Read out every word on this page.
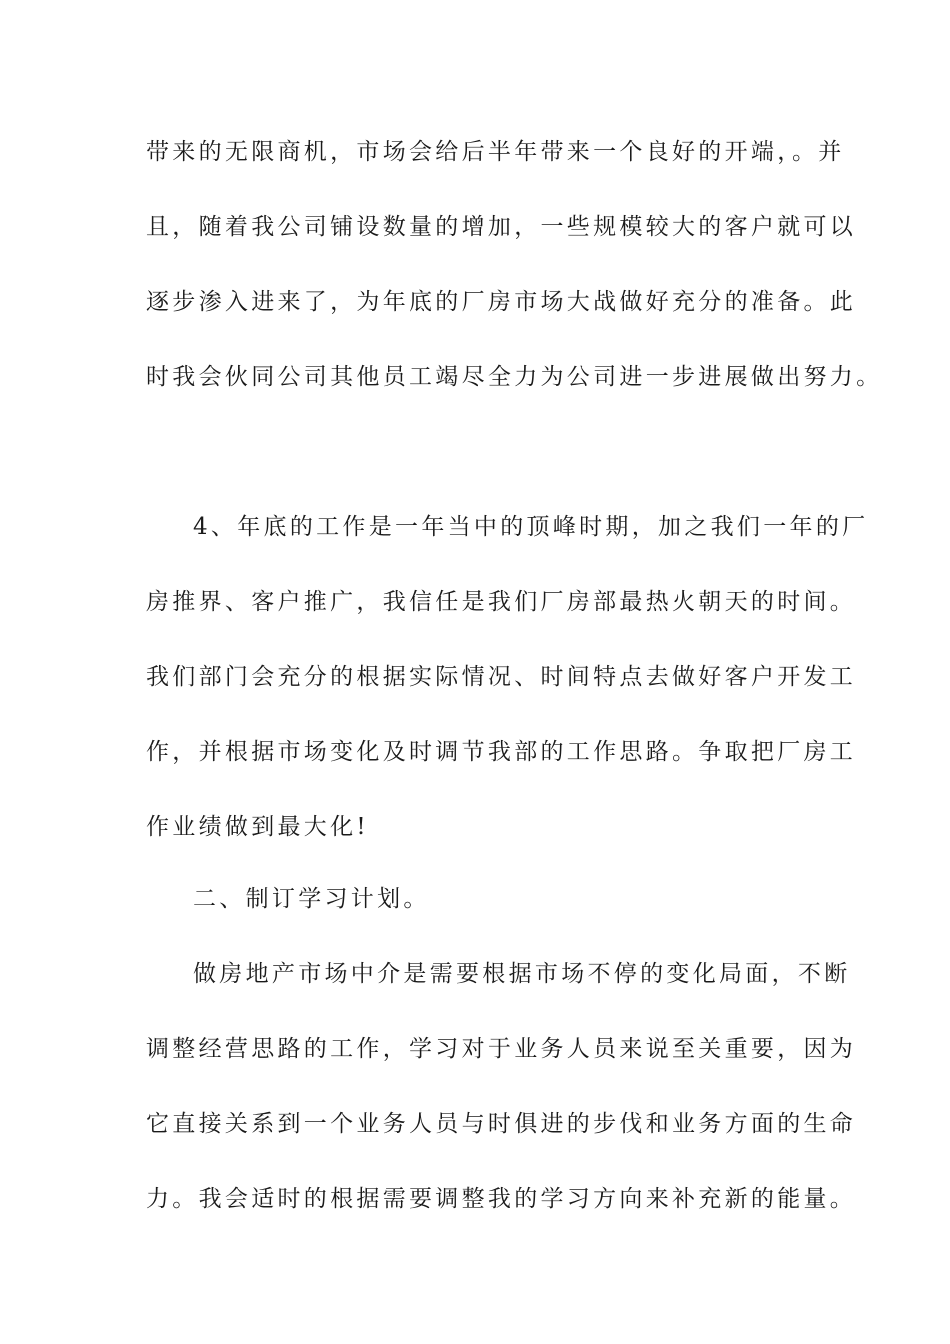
带来的无限商机，市场会给后半年带来一个良好的开端，。并
且，随着我公司铺设数量的增加，一些规模较大的客户就可以
逐步渗入进来了，为年底的厂房市场大战做好充分的准备。此
时我会伙同公司其他员工竭尽全力为公司进一步进展做出努力。
4、年底的工作是一年当中的顶峰时期，加之我们一年的厂
房推界、客户推广，我信任是我们厂房部最热火朝天的时间。
我们部门会充分的根据实际情况、时间特点去做好客户开发工
作，并根据市场变化及时调节我部的工作思路。争取把厂房工
作业绩做到最大化!
二、制订学习计划。
做房地产市场中介是需要根据市场不停的变化局面，不断
调整经营思路的工作，学习对于业务人员来说至关重要，因为
它直接关系到一个业务人员与时俱进的步伐和业务方面的生命
力。我会适时的根据需要调整我的学习方向来补充新的能量。
